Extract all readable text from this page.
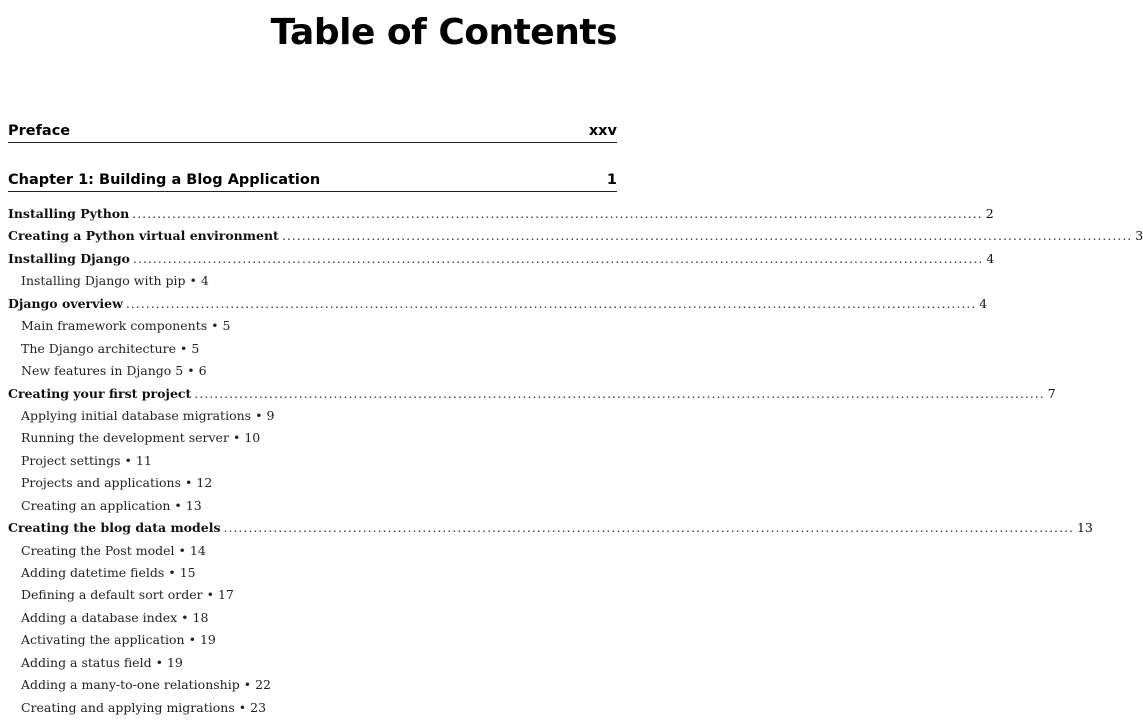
Table of Contents
Preface	xxv
Chapter 1: Building a Blog Application	1
Installing Python ........................................................................................................................................................................... 2
Creating a Python virtual environment ........................................................................................................................................................................... 3
Installing Django ........................................................................................................................................................................... 4
Installing Django with pip • 4
Django overview ........................................................................................................................................................................... 4
Main framework components • 5
The Django architecture • 5
New features in Django 5 • 6
Creating your first project ........................................................................................................................................................................... 7
Applying initial database migrations • 9
Running the development server • 10
Project settings • 11
Projects and applications • 12
Creating an application • 13
Creating the blog data models ........................................................................................................................................................................... 13
Creating the Post model • 14
Adding datetime fields • 15
Defining a default sort order • 17
Adding a database index • 18
Activating the application • 19
Adding a status field • 19
Adding a many-to-one relationship • 22
Creating and applying migrations • 23
